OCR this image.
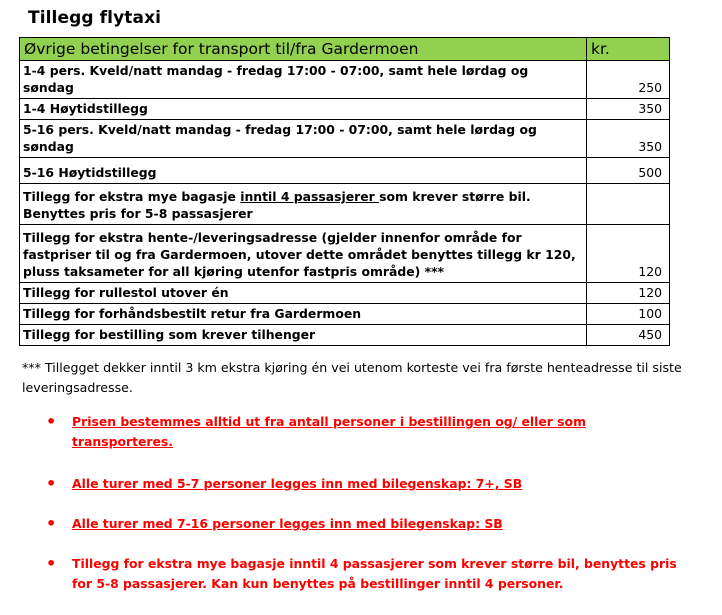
Tillegg flytaxi
Øvrige betingelser for transport til/fra Gardermoen	kr.
1-4 pers. Kveld/natt mandag - fredag 17:00 - 07:00, samt hele lørdag og søndag	250
1-4 Høytidstillegg	350
5-16 pers. Kveld/natt mandag - fredag 17:00 - 07:00, samt hele lørdag og søndag	350
5-16 Høytidstillegg	500
Tillegg for ekstra mye bagasje inntil 4 passasjerer som krever større bil. Benyttes pris for 5-8 passasjerer	
Tillegg for ekstra hente-/leveringsadresse (gjelder innenfor område for fastpriser til og fra Gardermoen, utover dette området benyttes tillegg kr 120, pluss taksameter for all kjøring utenfor fastpris område) ***	120
Tillegg for rullestol utover én	120
Tillegg for forhåndsbestilt retur fra Gardermoen	100
Tillegg for bestilling som krever tilhenger	450
*** Tillegget dekker inntil 3 km ekstra kjøring én vei utenom korteste vei fra første henteadresse til siste leveringsadresse.
• Prisen bestemmes alltid ut fra antall personer i bestillingen og/ eller som transporteres.
• Alle turer med 5-7 personer legges inn med bilegenskap: 7+, SB
• Alle turer med 7-16 personer legges inn med bilegenskap: SB
• Tillegg for ekstra mye bagasje inntil 4 passasjerer som krever større bil, benyttes pris for 5-8 passasjerer. Kan kun benyttes på bestillinger inntil 4 personer.
